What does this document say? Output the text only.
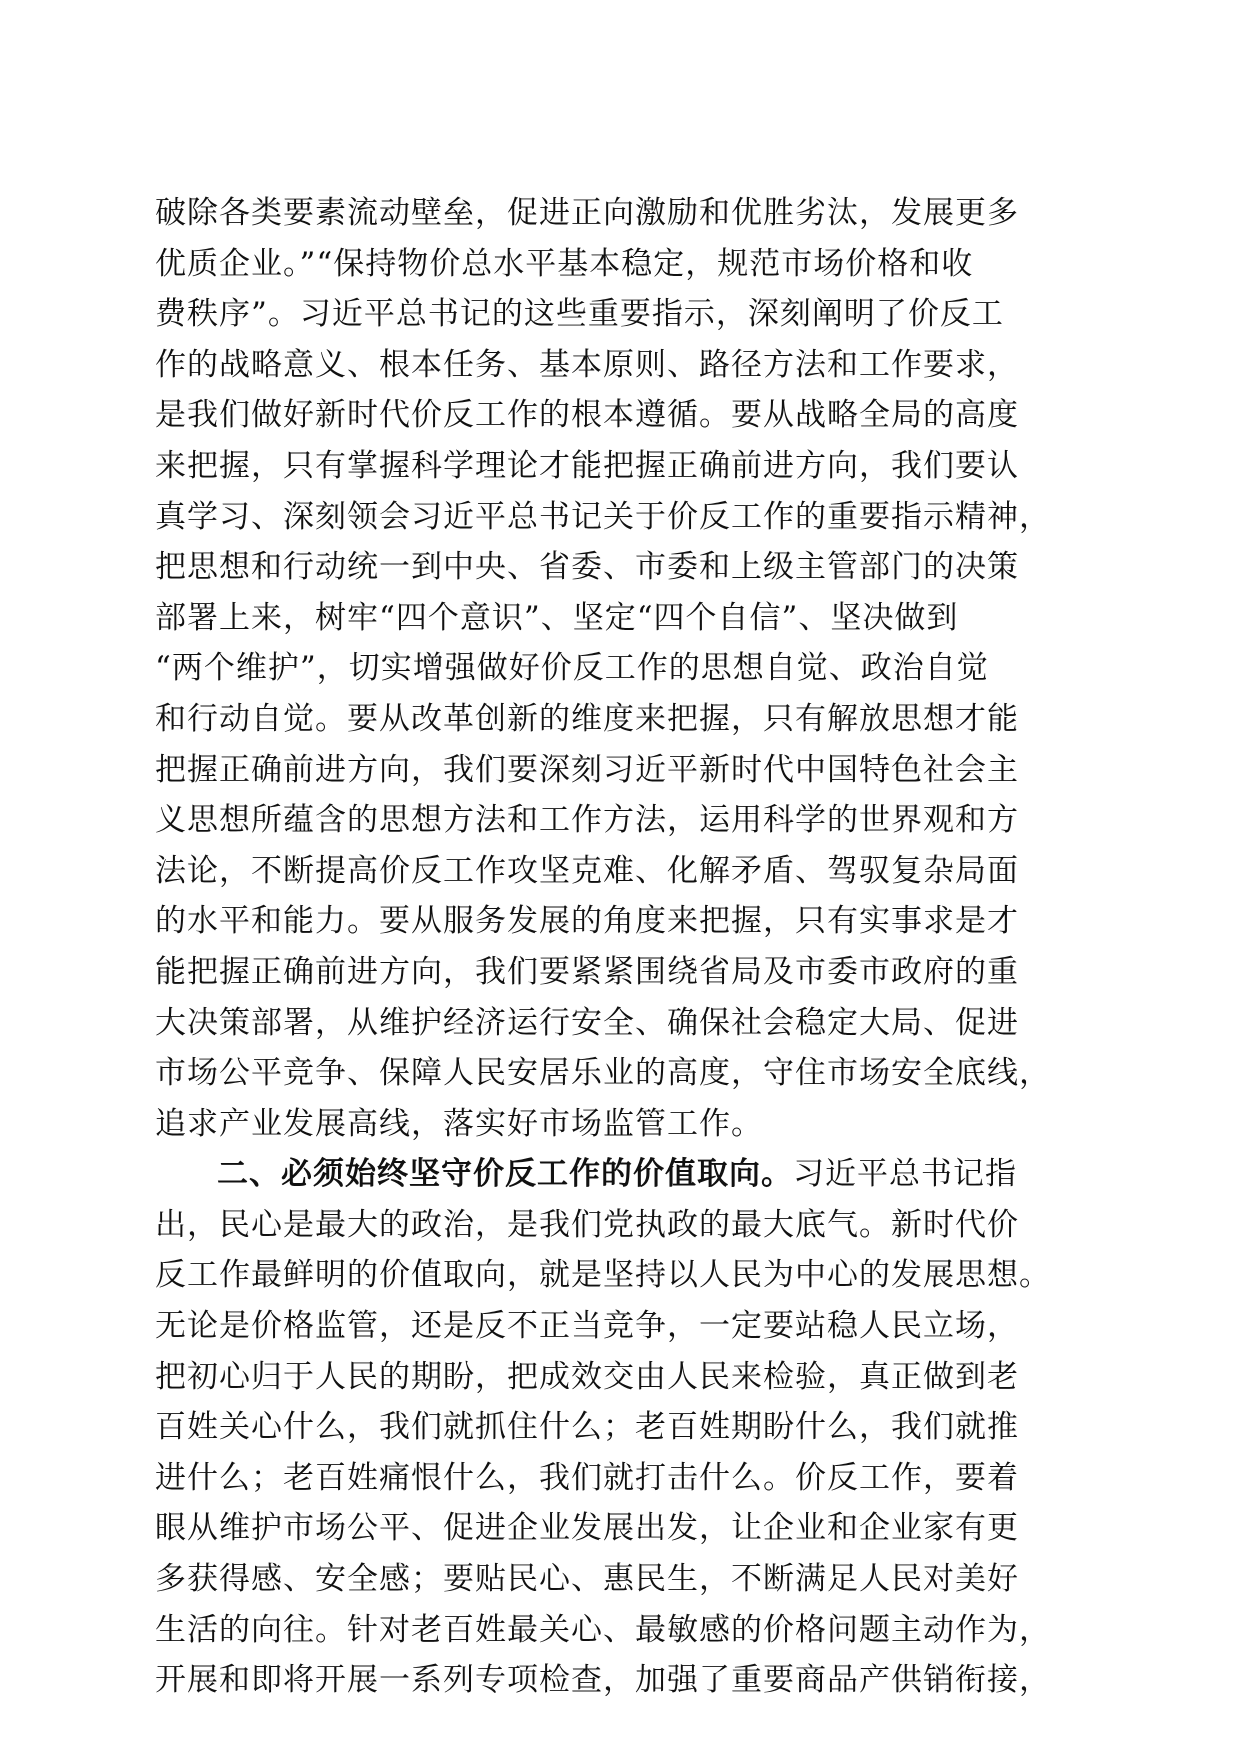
破除各类要素流动壁垒，促进正向激励和优胜劣汰，发展更多
优质企业。”“保持物价总水平基本稳定，规范市场价格和收
费秩序”。习近平总书记的这些重要指示，深刻阐明了价反工
作的战略意义、根本任务、基本原则、路径方法和工作要求，
是我们做好新时代价反工作的根本遵循。要从战略全局的高度
来把握，只有掌握科学理论才能把握正确前进方向，我们要认
真学习、深刻领会习近平总书记关于价反工作的重要指示精神，
把思想和行动统一到中央、省委、市委和上级主管部门的决策
部署上来，树牢“四个意识”、坚定“四个自信”、坚决做到
“两个维护”，切实增强做好价反工作的思想自觉、政治自觉
和行动自觉。要从改革创新的维度来把握，只有解放思想才能
把握正确前进方向，我们要深刻习近平新时代中国特色社会主
义思想所蕴含的思想方法和工作方法，运用科学的世界观和方
法论，不断提高价反工作攻坚克难、化解矛盾、驾驭复杂局面
的水平和能力。要从服务发展的角度来把握，只有实事求是才
能把握正确前进方向，我们要紧紧围绕省局及市委市政府的重
大决策部署，从维护经济运行安全、确保社会稳定大局、促进
市场公平竞争、保障人民安居乐业的高度，守住市场安全底线，
追求产业发展高线，落实好市场监管工作。
二、必须始终坚守价反工作的价值取向。习近平总书记指
出，民心是最大的政治，是我们党执政的最大底气。新时代价
反工作最鲜明的价值取向，就是坚持以人民为中心的发展思想。
无论是价格监管，还是反不正当竞争，一定要站稳人民立场，
把初心归于人民的期盼，把成效交由人民来检验，真正做到老
百姓关心什么，我们就抓住什么；老百姓期盼什么，我们就推
进什么；老百姓痛恨什么，我们就打击什么。价反工作，要着
眼从维护市场公平、促进企业发展出发，让企业和企业家有更
多获得感、安全感；要贴民心、惠民生，不断满足人民对美好
生活的向往。针对老百姓最关心、最敏感的价格问题主动作为，
开展和即将开展一系列专项检查，加强了重要商品产供销衔接，
